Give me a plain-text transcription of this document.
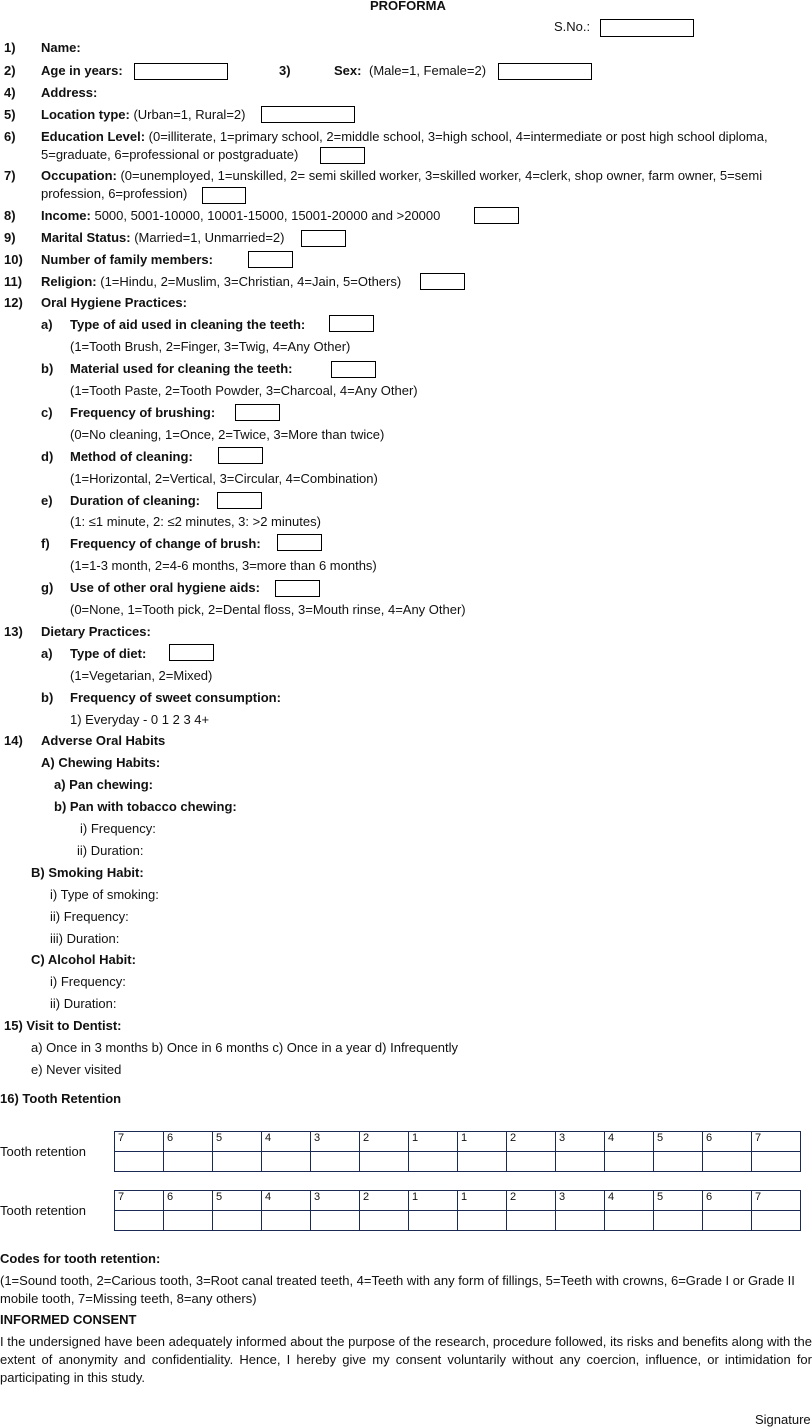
PROFORMA
S.No.:
1) Name:
2) Age in years:	3)	Sex: (Male=1, Female=2)
4) Address:
5) Location type: (Urban=1, Rural=2)
6) Education Level: (0=illiterate, 1=primary school, 2=middle school, 3=high school, 4=intermediate or post high school diploma,
5=graduate, 6=professional or postgraduate)
7) Occupation: (0=unemployed, 1=unskilled, 2= semi skilled worker, 3=skilled worker, 4=clerk, shop owner, farm owner, 5=semi
profession, 6=profession)
8) Income: 5000, 5001-10000, 10001-15000, 15001-20000 and >20000
9) Marital Status: (Married=1, Unmarried=2)
10) Number of family members:
11) Religion: (1=Hindu, 2=Muslim, 3=Christian, 4=Jain, 5=Others)
12) Oral Hygiene Practices:
a) Type of aid used in cleaning the teeth:
(1=Tooth Brush, 2=Finger, 3=Twig, 4=Any Other)
b) Material used for cleaning the teeth:
(1=Tooth Paste, 2=Tooth Powder, 3=Charcoal, 4=Any Other)
c) Frequency of brushing:
(0=No cleaning, 1=Once, 2=Twice, 3=More than twice)
d) Method of cleaning:
(1=Horizontal, 2=Vertical, 3=Circular, 4=Combination)
e) Duration of cleaning:
(1: ≤1 minute, 2: ≤2 minutes, 3: >2 minutes)
f) Frequency of change of brush:
(1=1-3 month, 2=4-6 months, 3=more than 6 months)
g) Use of other oral hygiene aids:
(0=None, 1=Tooth pick, 2=Dental floss, 3=Mouth rinse, 4=Any Other)
13) Dietary Practices:
a) Type of diet:
(1=Vegetarian, 2=Mixed)
b) Frequency of sweet consumption:
1) Everyday - 0 1 2 3 4+
14) Adverse Oral Habits
A) Chewing Habits:
a) Pan chewing:
b) Pan with tobacco chewing:
i) Frequency:
ii) Duration:
B) Smoking Habit:
i) Type of smoking:
ii) Frequency:
iii) Duration:
C) Alcohol Habit:
i) Frequency:
ii) Duration:
15) Visit to Dentist:
a) Once in 3 months b) Once in 6 months c) Once in a year d) Infrequently
e) Never visited
16) Tooth Retention
Tooth retention
7	6	5	4	3	2	1	1	2	3	4	5	6	7

Tooth retention
7	6	5	4	3	2	1	1	2	3	4	5	6	7

Codes for tooth retention:
(1=Sound tooth, 2=Carious tooth, 3=Root canal treated teeth, 4=Teeth with any form of fillings, 5=Teeth with crowns, 6=Grade I or Grade II mobile tooth, 7=Missing teeth, 8=any others)
INFORMED CONSENT
I the undersigned have been adequately informed about the purpose of the research, procedure followed, its risks and benefits along with the extent of anonymity and confidentiality. Hence, I hereby give my consent voluntarily without any coercion, influence, or intimidation for participating in this study.
Signature
